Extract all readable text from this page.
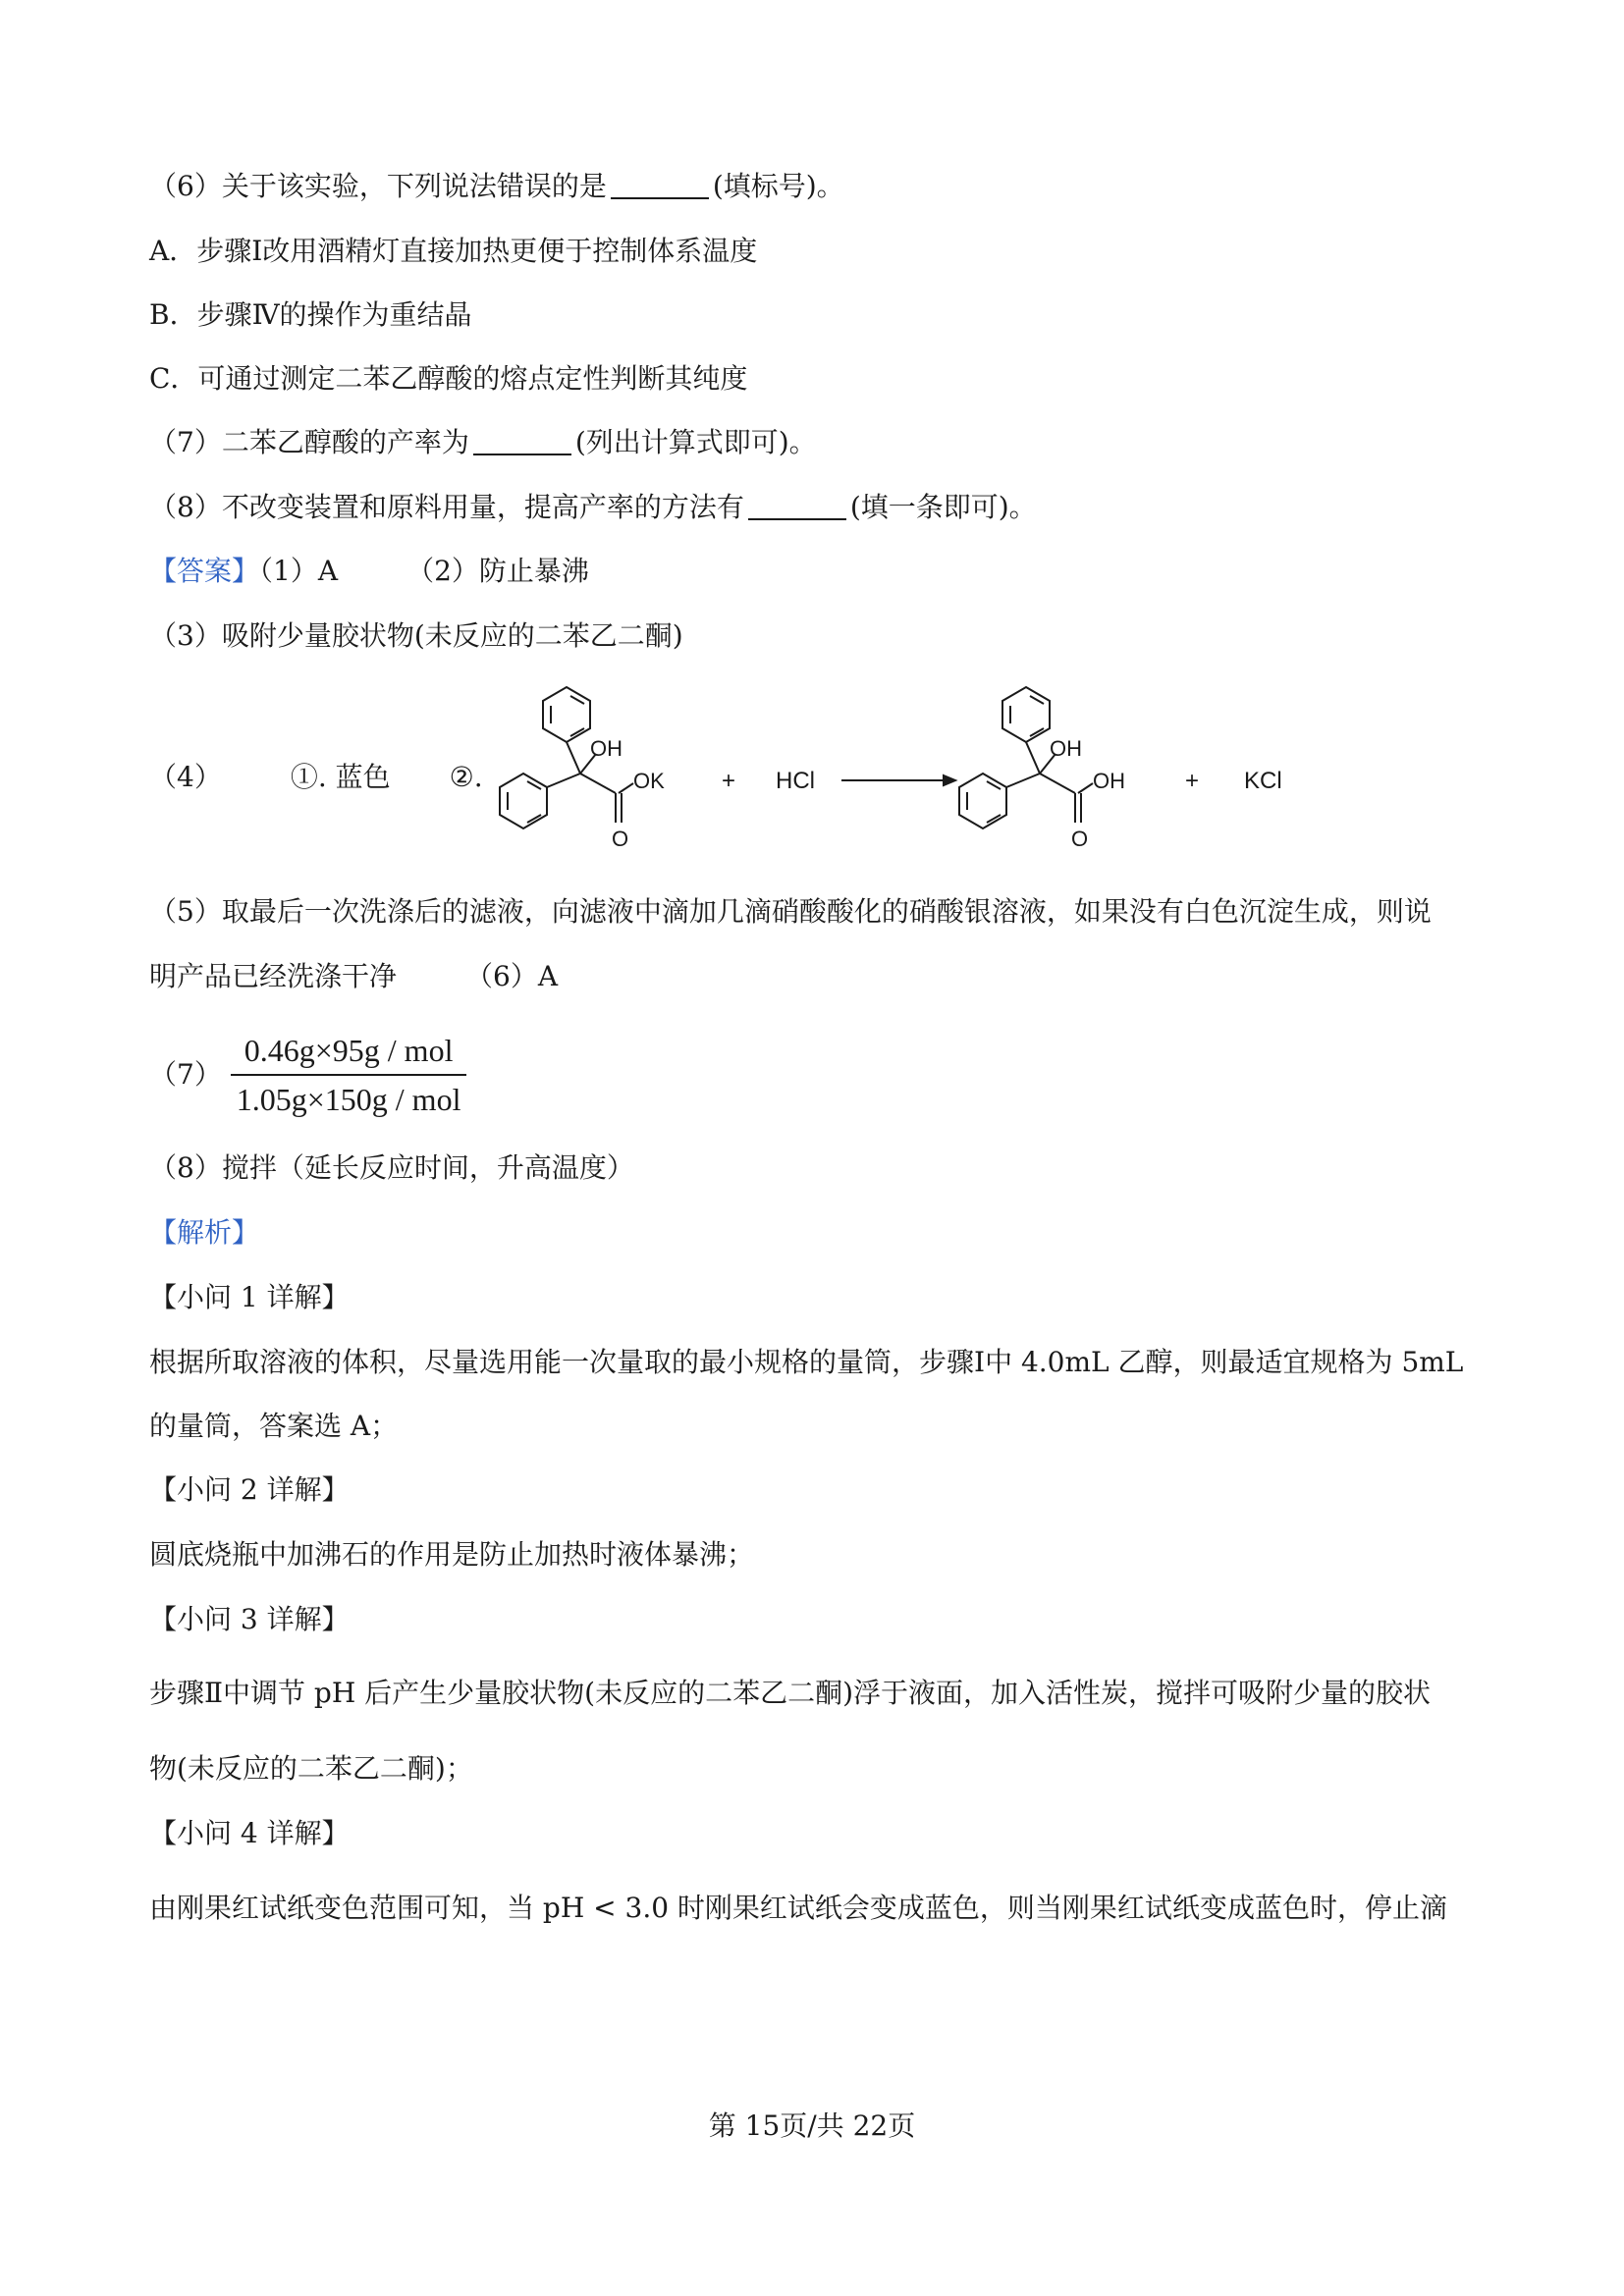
（6）关于该实验，下列说法错误的是	(填标号)。
A．步骤Ⅰ改用酒精灯直接加热更便于控制体系温度
B．步骤Ⅳ的操作为重结晶
C．可通过测定二苯乙醇酸的熔点定性判断其纯度
（7）二苯乙醇酸的产率为	(列出计算式即可)。
（8）不改变装置和原料用量，提高产率的方法有	(填一条即可)。
【答案】（1）A	（2）防止暴沸
（3）吸附少量胶状物(未反应的二苯乙二酮)
（4）	①. 蓝色 ②.
OH
OK
O
+ HCl
OH
OH
O
+ KCl
（5）取最后一次洗涤后的滤液，向滤液中滴加几滴硝酸酸化的硝酸银溶液，如果没有白色沉淀生成，则说
明产品已经洗涤干净	（6）A
$(7) \frac{\text{0.46g×95g / mol}}{\text{1.05g×150g / mol}}$
（8）搅拌（延长反应时间，升高温度）
【解析】
【小问 1 详解】
根据所取溶液的体积，尽量选用能一次量取的最小规格的量筒，步骤Ⅰ中 4.0mL 乙醇，则最适宜规格为 5mL
的量筒，答案选 A；
【小问 2 详解】
圆底烧瓶中加沸石的作用是防止加热时液体暴沸；
【小问 3 详解】
步骤Ⅱ中调节 pH 后产生少量胶状物(未反应的二苯乙二酮)浮于液面，加入活性炭，搅拌可吸附少量的胶状
物(未反应的二苯乙二酮)；
【小问 4 详解】
由刚果红试纸变色范围可知，当 pH < 3.0 时刚果红试纸会变成蓝色，则当刚果红试纸变成蓝色时，停止滴
第 15页/共 22页
